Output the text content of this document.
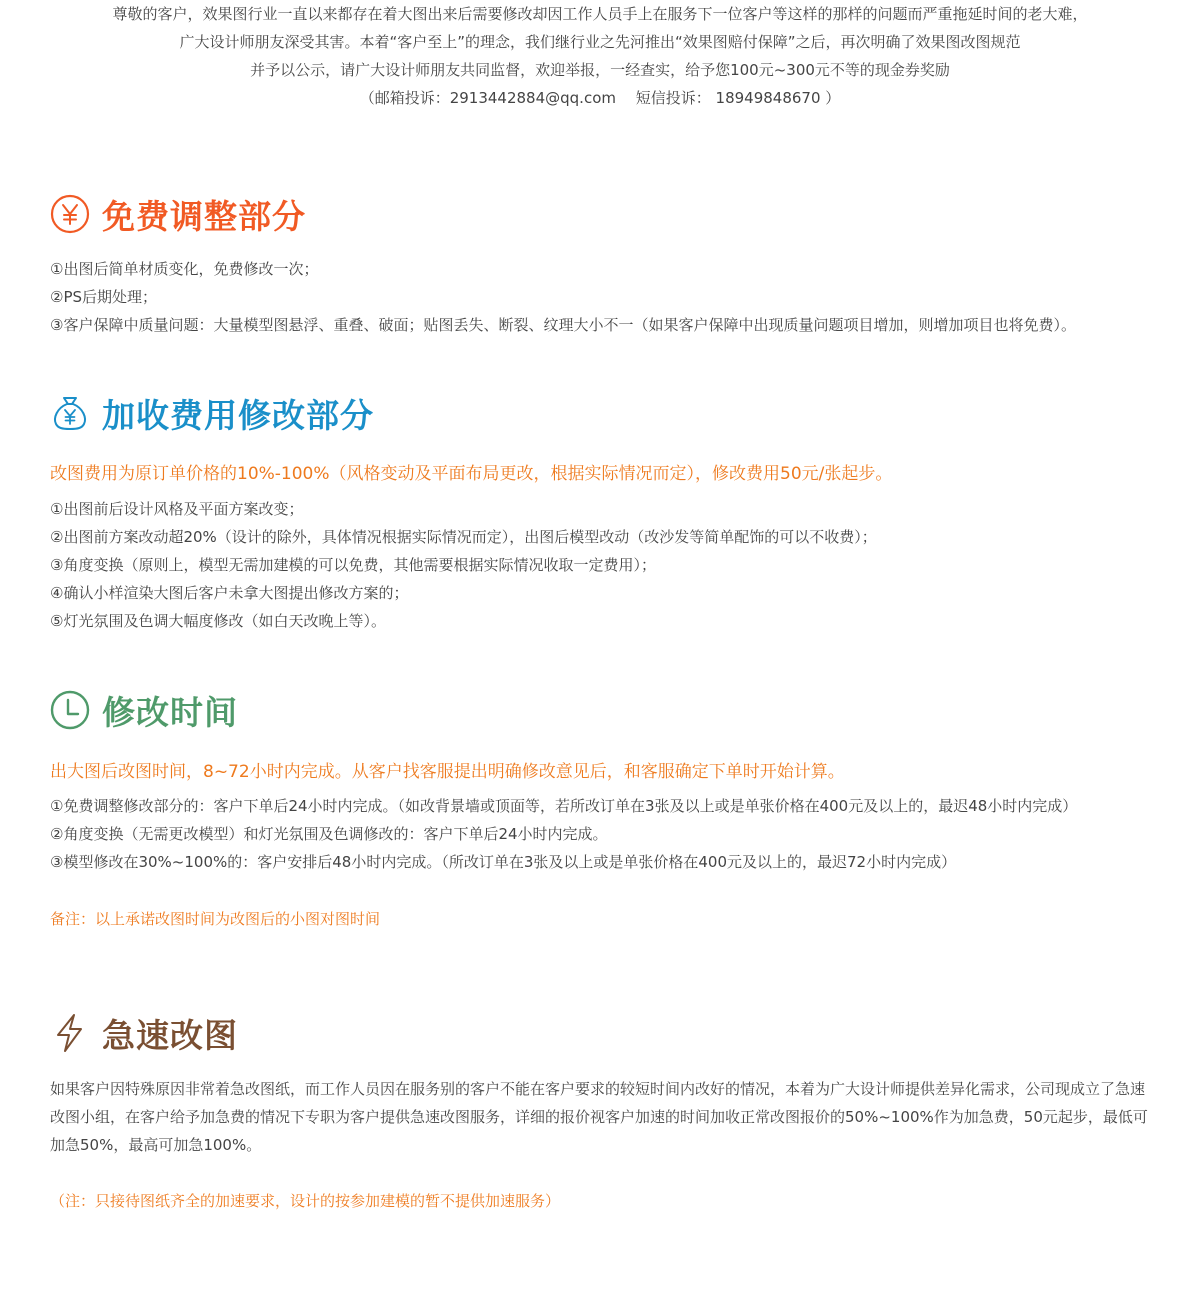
尊敬的客户，效果图行业一直以来都存在着大图出来后需要修改却因工作人员手上在服务下一位客户等这样的那样的问题而严重拖延时间的老大难，
广大设计师朋友深受其害。本着“客户至上”的理念，我们继行业之先河推出“效果图赔付保障”之后，再次明确了效果图改图规范
并予以公示，请广大设计师朋友共同监督，欢迎举报，一经查实，给予您100元~300元不等的现金券奖励
（邮箱投诉：2913442884@qq.com　 短信投诉： 18949848670 ）
免费调整部分
①出图后简单材质变化，免费修改一次；
②PS后期处理；
③客户保障中质量问题：大量模型图悬浮、重叠、破面；贴图丢失、断裂、纹理大小不一（如果客户保障中出现质量问题项目增加，则增加项目也将免费）。
加收费用修改部分
改图费用为原订单价格的10%-100%（风格变动及平面布局更改，根据实际情况而定），修改费用50元/张起步。
①出图前后设计风格及平面方案改变；
②出图前方案改动超20%（设计的除外，具体情况根据实际情况而定），出图后模型改动（改沙发等简单配饰的可以不收费）；
③角度变换（原则上，模型无需加建模的可以免费，其他需要根据实际情况收取一定费用）；
④确认小样渲染大图后客户未拿大图提出修改方案的；
⑤灯光氛围及色调大幅度修改（如白天改晚上等）。
修改时间
出大图后改图时间，8~72小时内完成。从客户找客服提出明确修改意见后，和客服确定下单时开始计算。
①免费调整修改部分的：客户下单后24小时内完成。（如改背景墙或顶面等，若所改订单在3张及以上或是单张价格在400元及以上的，最迟48小时内完成）
②角度变换（无需更改模型）和灯光氛围及色调修改的：客户下单后24小时内完成。
③模型修改在30%~100%的：客户安排后48小时内完成。（所改订单在3张及以上或是单张价格在400元及以上的，最迟72小时内完成）
备注：以上承诺改图时间为改图后的小图对图时间
急速改图

如果客户因特殊原因非常着急改图纸，而工作人员因在服务别的客户不能在客户要求的较短时间内改好的情况，本着为广大设计师提供差异化需求，公司现成立了急速改图小组，在客户给予加急费的情况下专职为客户提供急速改图服务，详细的报价视客户加速的时间加收正常改图报价的50%~100%作为加急费，50元起步，最低可加急50%，最高可加急100%。

（注：只接待图纸齐全的加速要求，设计的按参加建模的暂不提供加速服务）
